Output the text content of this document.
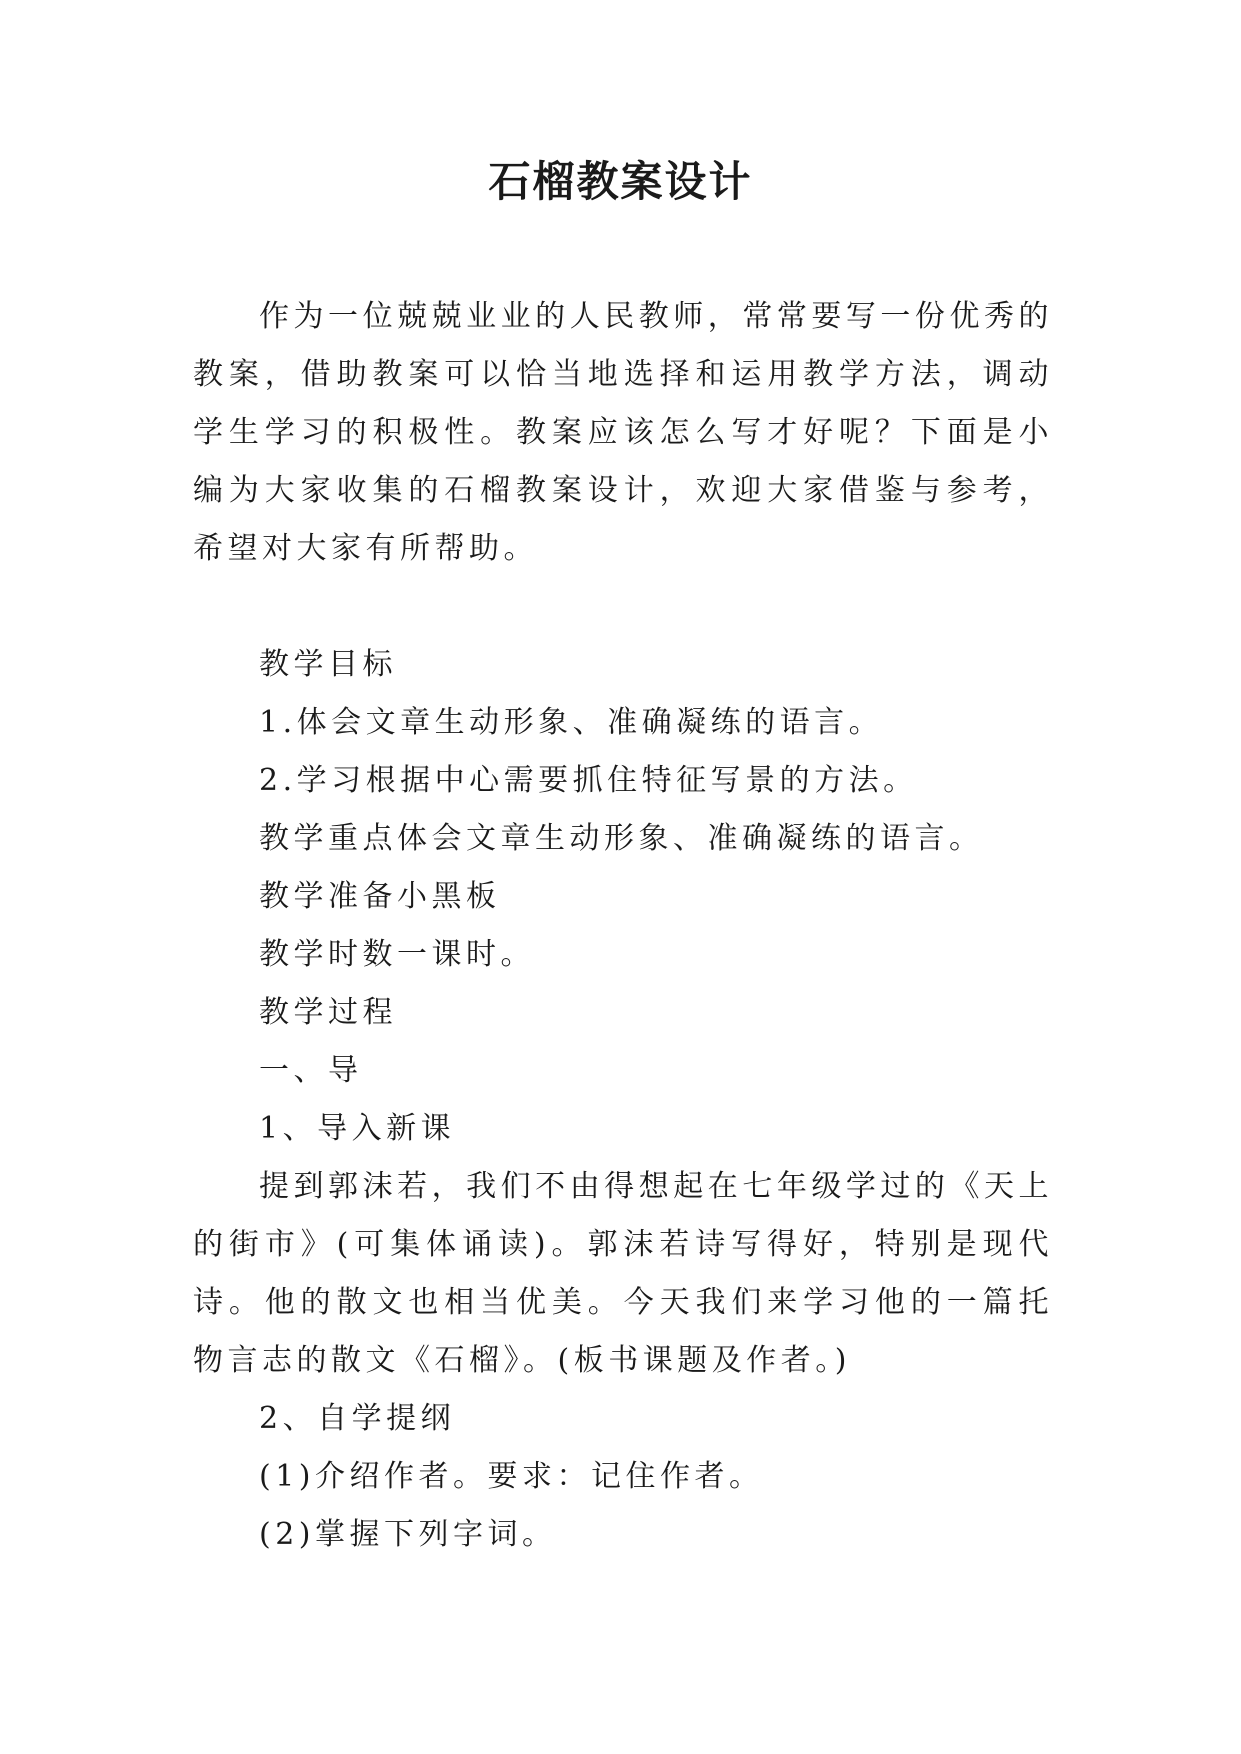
石榴教案设计

作为一位兢兢业业的人民教师，常常要写一份优秀的教案，借助教案可以恰当地选择和运用教学方法，调动学生学习的积极性。教案应该怎么写才好呢？下面是小编为大家收集的石榴教案设计，欢迎大家借鉴与参考，希望对大家有所帮助。

教学目标

1.体会文章生动形象、准确凝练的语言。

2.学习根据中心需要抓住特征写景的方法。

教学重点体会文章生动形象、准确凝练的语言。

教学准备小黑板

教学时数一课时。

教学过程

一、导

1、导入新课

提到郭沫若，我们不由得想起在七年级学过的《天上的街市》(可集体诵读)。郭沫若诗写得好，特别是现代诗。他的散文也相当优美。今天我们来学习他的一篇托物言志的散文《石榴》。(板书课题及作者。)

2、自学提纲

(1)介绍作者。要求：记住作者。

(2)掌握下列字词。
